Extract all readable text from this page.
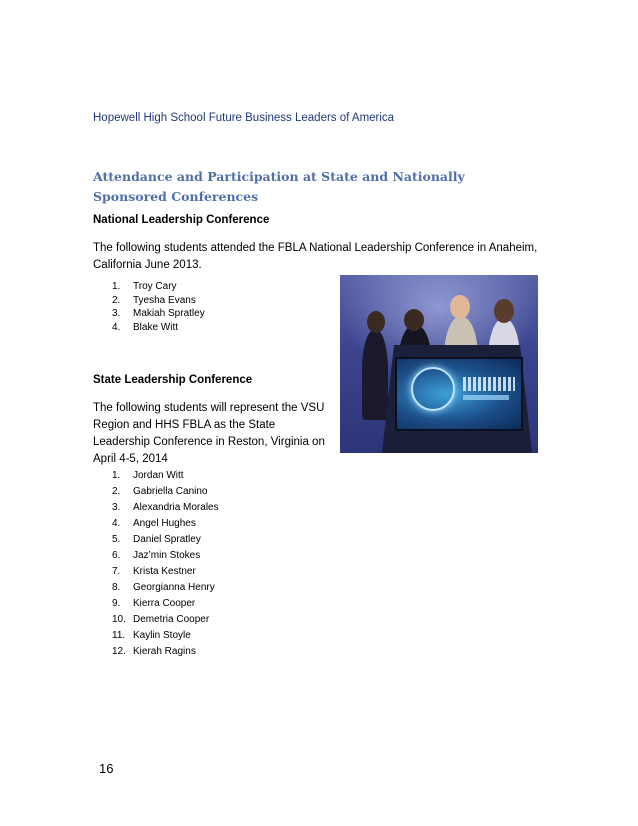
Hopewell High School Future Business Leaders of America
Attendance and Participation at State and Nationally Sponsored Conferences
National Leadership Conference
The following students attended the FBLA National Leadership Conference in Anaheim, California June 2013.
1. Troy Cary
2. Tyesha Evans
3. Makiah Spratley
4. Blake Witt
State Leadership Conference
The following students will represent the VSU Region and HHS FBLA as the State Leadership Conference in Reston, Virginia on April 4-5, 2014
1. Jordan Witt
2. Gabriella Canino
3. Alexandria Morales
4. Angel Hughes
5. Daniel Spratley
6. Jaz’min Stokes
7. Krista Kestner
8. Georgianna Henry
9. Kierra Cooper
10. Demetria Cooper
11. Kaylin Stoyle
12. Kierah Ragins
16
